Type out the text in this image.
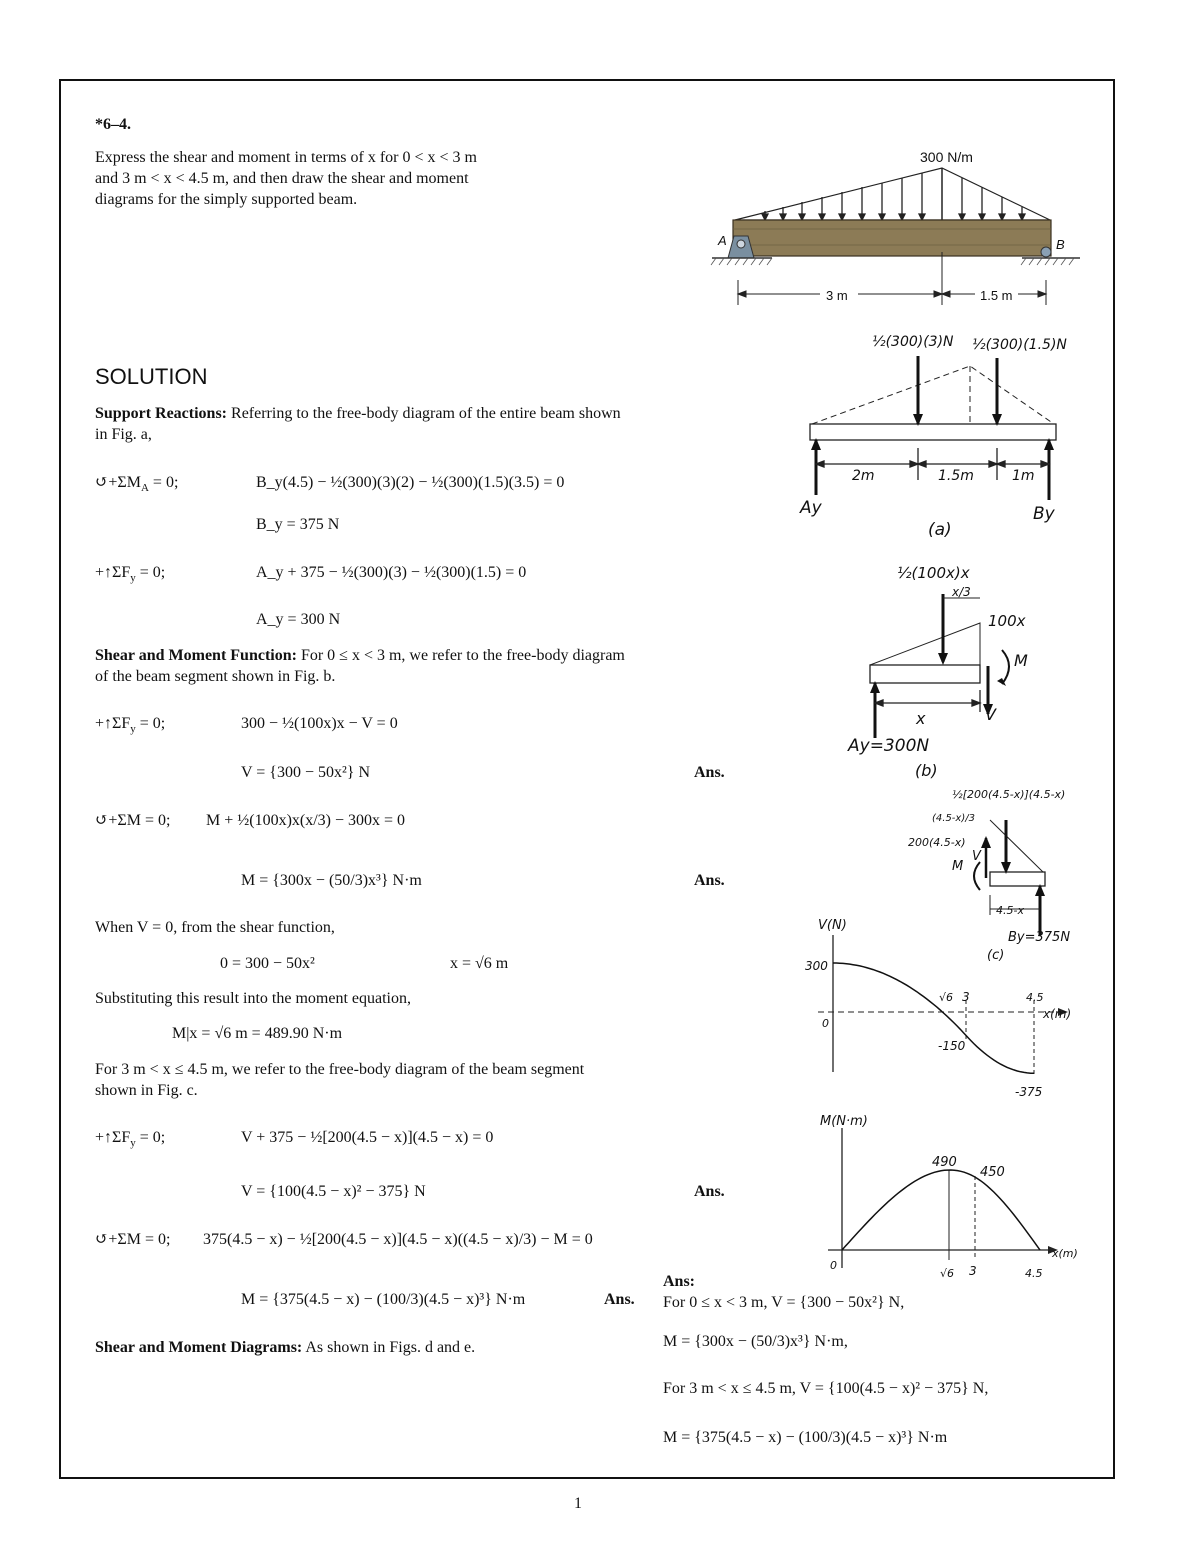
*6–4.
Express the shear and moment in terms of x for 0 < x < 3 m
and 3 m < x < 4.5 m, and then draw the shear and moment
diagrams for the simply supported beam.
300 N/m
A	B
3 m	1.5 m
SOLUTION
Support Reactions: Referring to the free-body diagram of the entire beam shown
in Fig. a,
$↺+\Sigma M_A = 0$;	B_y(4.5) − ½(300)(3)(2) − ½(300)(1.5)(3.5) = 0
B_y = 375 N
$+↑\Sigma F_y = 0$;	A_y + 375 − ½(300)(3) − ½(300)(1.5) = 0
A_y = 300 N
Shear and Moment Function: For 0 ≤ x < 3 m, we refer to the free-body diagram
of the beam segment shown in Fig. b.
$+↑\Sigma F_y = 0$;	300 − ½(100x)x − V = 0
V = {300 − 50x²} N	Ans.
↺+ΣM = 0; M + ½(100x)x(x/3) − 300x = 0
M = {300x − (50/3)x³} N·m	Ans.
When V = 0, from the shear function,
0 = 300 − 50x²	x = √6 m
Substituting this result into the moment equation,
M|x = √6 m = 489.90 N·m
For 3 m < x ≤ 4.5 m, we refer to the free-body diagram of the beam segment
shown in Fig. c.
$+↑\Sigma F_y = 0$;	V + 375 − ½[200(4.5 − x)](4.5 − x) = 0
V = {100(4.5 − x)² − 375} N	Ans.
↺+ΣM = 0; 375(4.5 − x) − ½[200(4.5 − x)](4.5 − x)((4.5 − x)/3) − M = 0
M = {375(4.5 − x) − (100/3)(4.5 − x)³} N·m	Ans.
Shear and Moment Diagrams: As shown in Figs. d and e.
Ans:
For 0 ≤ x < 3 m, V = {300 − 50x²} N,
M = {300x − (50/3)x³} N·m,
For 3 m < x ≤ 4.5 m, V = {100(4.5 − x)² − 375} N,
M = {375(4.5 − x) − (100/3)(4.5 − x)³} N·m
½(300)(3)N ½(300)(1.5)N
2m	1.5m	1m
Ay	By
(a)
½(100x)x
x/3
100x
M
V
x
Ay=300N
(b)
½[200(4.5-x)](4.5-x)
(4.5-x)/3
200(4.5-x)
M
V
4.5-x
By=375N
(c)
V(N)
x(m)
300
0
√6 3	4.5
-150
-375
M(N·m)
x(m)
0
490
450
√6 3	4.5
1
